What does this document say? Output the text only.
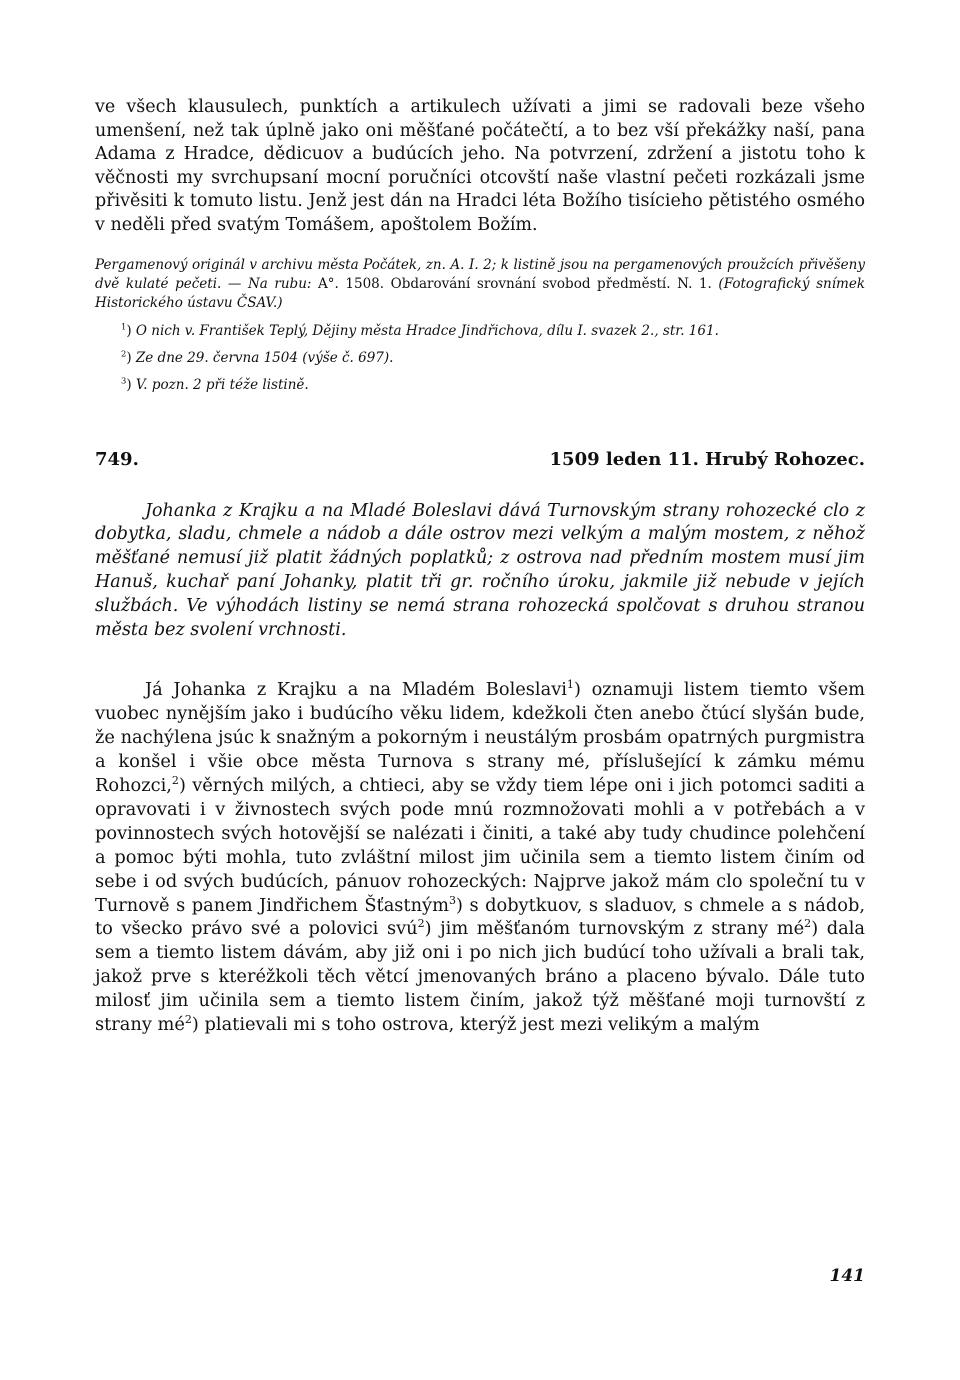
ve všech klausulech, punktích a artikulech užívati a jimi se radovali beze všeho umenšení, než tak úplně jako oni měšťané počátečtí, a to bez vší překážky naší, pana Adama z Hradce, dědicuov a budúcích jeho. Na potvrzení, zdržení a jistotu toho k věčnosti my svrchupsaní mocní poručníci otcovští naše vlastní pečeti rozkázali jsme přivěsiti k tomuto listu. Jenž jest dán na Hradci léta Božího tisícieho pětistého osmého v neděli před svatým Tomášem, apoštolem Božím.

Pergamenový originál v archivu města Počátek, zn. A. I. 2; k listině jsou na pergamenových proužcích přivěšeny dvě kulaté pečeti. — Na rubu: A°. 1508. Obdarování srovnání svobod předměstí. N. 1. (Fotografický snímek Historického ústavu ČSAV.)

$^1$) O nich v. František Teplý, Dějiny města Hradce Jindřichova, dílu I. svazek 2., str. 161.

$^2$) Ze dne 29. června 1504 (výše č. 697).

$^3$) V. pozn. 2 při téže listině.

749.	1509 leden 11. Hrubý Rohozec.

Johanka z Krajku a na Mladé Boleslavi dává Turnovským strany rohozecké clo z dobytka, sladu, chmele a nádob a dále ostrov mezi velkým a malým mostem, z něhož měšťané nemusí již platit žádných poplatků; z ostrova nad předním mostem musí jim Hanuš, kuchař paní Johanky, platit tři gr. ročního úroku, jakmile již nebude v jejích službách. Ve výhodách listiny se nemá strana rohozecká spolčovat s druhou stranou města bez svolení vrchnosti.

Já Johanka z Krajku a na Mladém Boleslavi$^1$) oznamuji listem tiemto všem vuobec nynějším jako i budúcího věku lidem, kdežkoli čten anebo čtúcí slyšán bude, že nachýlena jsúc k snažným a pokorným i neustálým prosbám opatrných purgmistra a konšel i všie obce města Turnova s strany mé, příslušející k zámku mému Rohozci,$^2$) věrných milých, a chtieci, aby se vždy tiem lépe oni i jich potomci saditi a opravovati i v živnostech svých pode mnú rozmnožovati mohli a v potřebách a v povinnostech svých hotovější se nalézati i činiti, a také aby tudy chudince polehčení a pomoc býti mohla, tuto zvláštní milost jim učinila sem a tiemto listem činím od sebe i od svých budúcích, pánuov rohozeckých: Najprve jakož mám clo společní tu v Turnově s panem Jindřichem Šťastným$^3$) s dobytkuov, s sladuov, s chmele a s nádob, to všecko právo své a polovici svú$^2$) jim měšťanóm turnovským z strany $mé^2$) dala sem a tiemto listem dávám, aby již oni i po nich jich budúcí toho užívali a brali tak, jakož prve s kteréžkoli těch větcí jmenovaných bráno a placeno bývalo. Dále tuto milosť jim učinila sem a tiemto listem činím, jakož týž měšťané moji turnovští z strany $mé^2$) platievali mi s toho ostrova, kterýž jest mezi velikým a malým

141
